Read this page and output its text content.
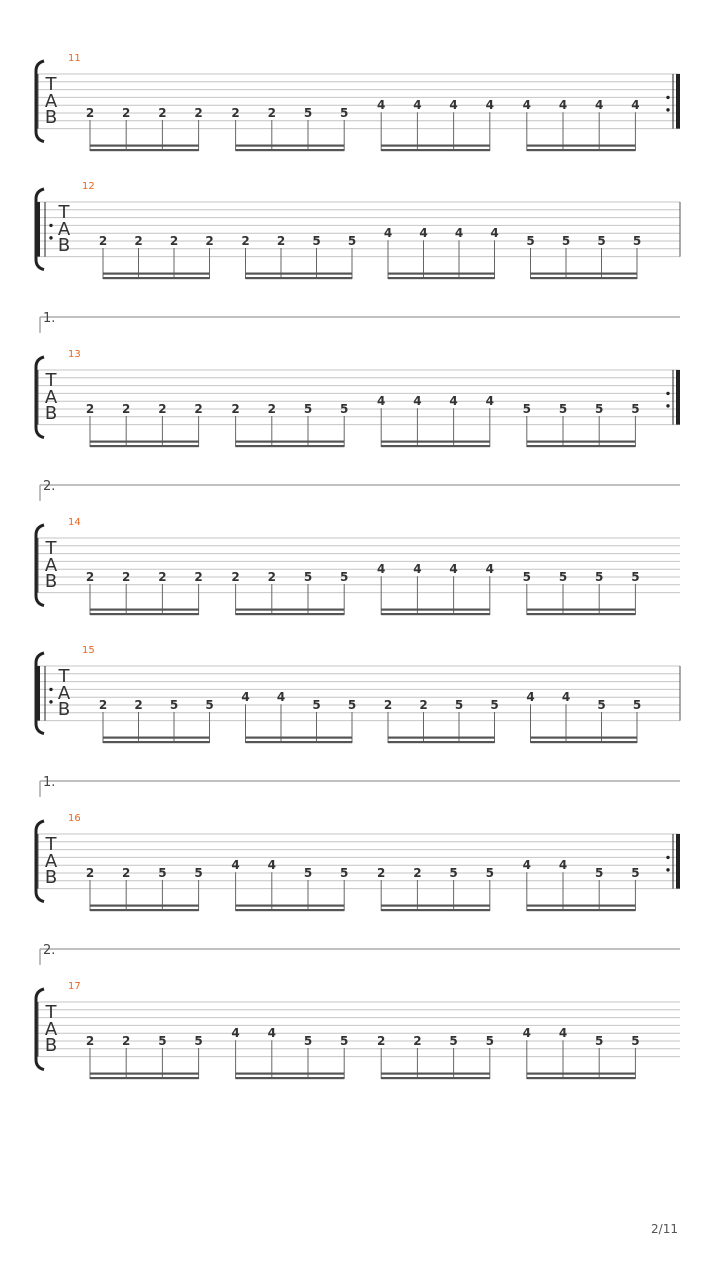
11
T
A
B 2 2 2 2 2 2 5 5
4 4 4 4 4 4 4 4
12
T
A
B 2 2 2 2 2 2 5 5
4 4 4 4
5 5 5 5
1.
13
T
A
B 2 2 2 2 2 2 5 5
4 4 4 4
5 5 5 5
2.
14
T
A
B 2 2 2 2 2 2 5 5
4 4 4 4
5 5 5 5
15
T
A
B 2 2 5 5
4 4
5 5 2 2 5 5
4 4
5 5
1.
16
T
A
B 2 2 5 5
4 4
5 5 2 2 5 5
4 4
5 5
2.
17
T
A
B 2 2 5 5
4 4
5 5 2 2 5 5
4 4
5 5
2/11
